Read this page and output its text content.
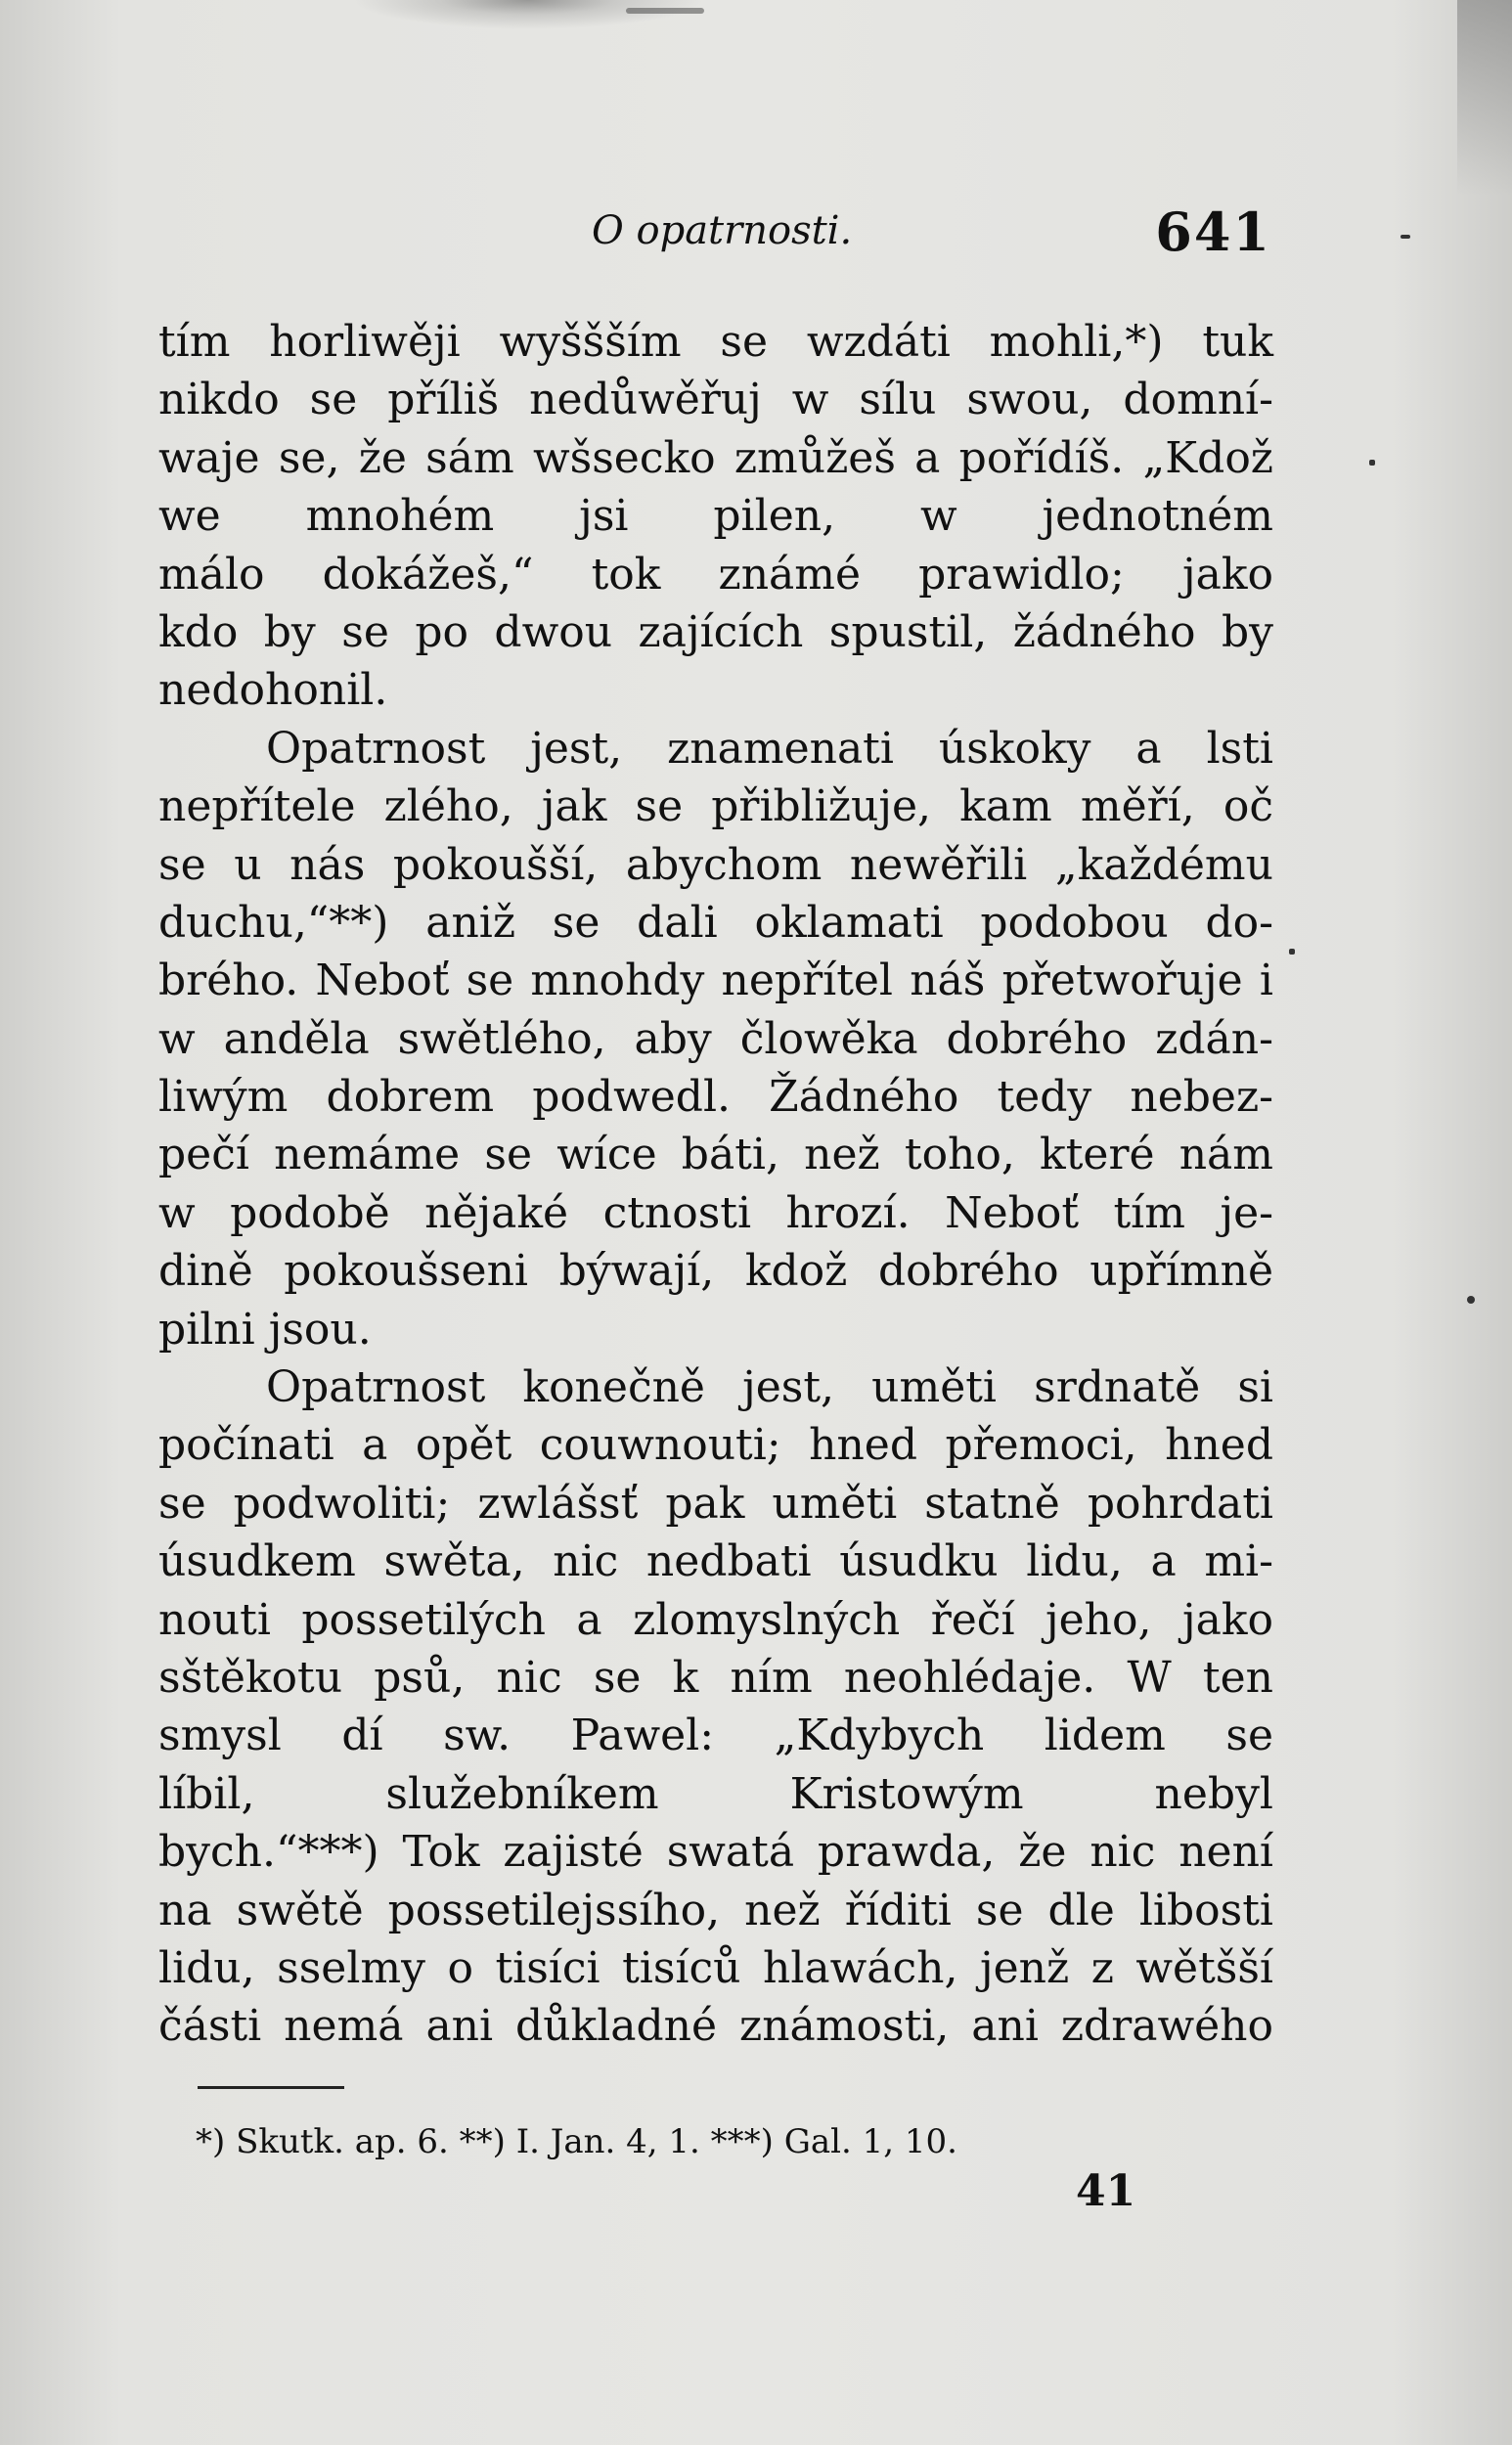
O opatrnosti.	641
tím horliwěji wyššším se wzdáti mohli,*) tuk
nikdo se příliš nedůwěřuj w sílu swou, domní-
waje se, že sám wšsecko zmůžeš a pořídíš. „Kdož
we mnohém jsi pilen, w jednotném
málo dokážeš,“ tok známé prawidlo; jako
kdo by se po dwou zajících spustil, žádného by
nedohonil.
Opatrnost jest, znamenati úskoky a lsti
nepřítele zlého, jak se přibližuje, kam měří, oč
se u nás pokoušší, abychom newěřili „každému
duchu,“**) aniž se dali oklamati podobou do-
brého. Neboť se mnohdy nepřítel náš přetwořuje i
w anděla swětlého, aby člowěka dobrého zdán-
liwým dobrem podwedl. Žádného tedy nebez-
pečí nemáme se wíce báti, než toho, které nám
w podobě nějaké ctnosti hrozí. Neboť tím je-
dině pokoušseni býwají, kdož dobrého upřímně
pilni jsou.
Opatrnost konečně jest, uměti srdnatě si
počínati a opět couwnouti; hned přemoci, hned
se podwoliti; zwlášsť pak uměti statně pohrdati
úsudkem swěta, nic nedbati úsudku lidu, a mi-
nouti possetilých a zlomyslných řečí jeho, jako
sštěkotu psů, nic se k ním neohlédaje. W ten
smysl dí sw. Pawel: „Kdybych lidem se
líbil, služebníkem Kristowým nebyl
bych.“***) Tok zajisté swatá prawda, že nic není
na swětě possetilejssího, než říditi se dle libosti
lidu, sselmy o tisíci tisíců hlawách, jenž z wětšší
části nemá ani důkladné známosti, ani zdrawého
*) Skutk. ap. 6. **) I. Jan. 4, 1. ***) Gal. 1, 10.
41
